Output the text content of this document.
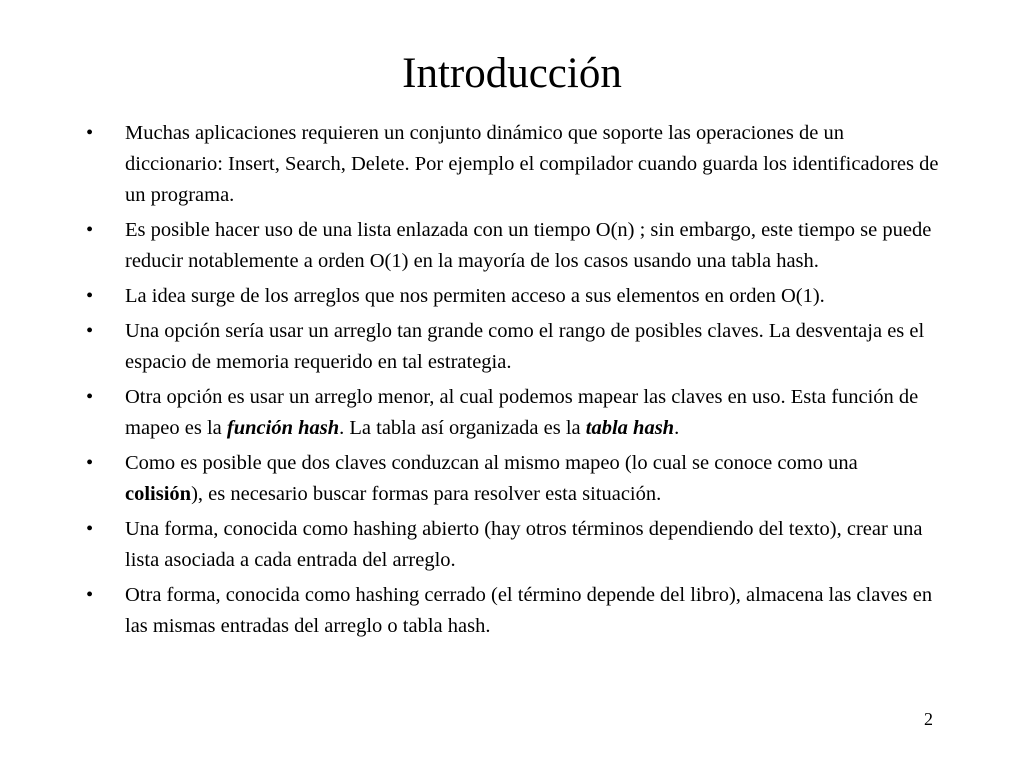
Introducción
•	Muchas aplicaciones requieren un conjunto dinámico que soporte las operaciones de un diccionario: Insert, Search, Delete. Por ejemplo el compilador cuando guarda los identificadores de un programa.
•	Es posible hacer uso de una lista enlazada con un tiempo O(n) ; sin embargo, este tiempo se puede reducir notablemente a orden O(1) en la mayoría de los casos usando una tabla hash.
•	La idea surge de los arreglos que nos permiten acceso a sus elementos en orden O(1).
•	Una opción sería usar un arreglo tan grande como el rango de posibles claves. La desventaja es el espacio de memoria requerido en tal estrategia.
•	Otra opción es usar un arreglo menor, al cual podemos mapear las claves en uso. Esta función de mapeo es la función hash. La tabla así organizada es la tabla hash.
•	Como es posible que dos claves conduzcan al mismo mapeo (lo cual se conoce como una colisión), es necesario buscar formas para resolver esta situación.
•	Una forma, conocida como hashing abierto (hay otros términos dependiendo del texto), crear una lista asociada a cada entrada del arreglo.
•	Otra forma, conocida como hashing cerrado (el término depende del libro), almacena las claves en las mismas entradas del arreglo o tabla hash.
2
